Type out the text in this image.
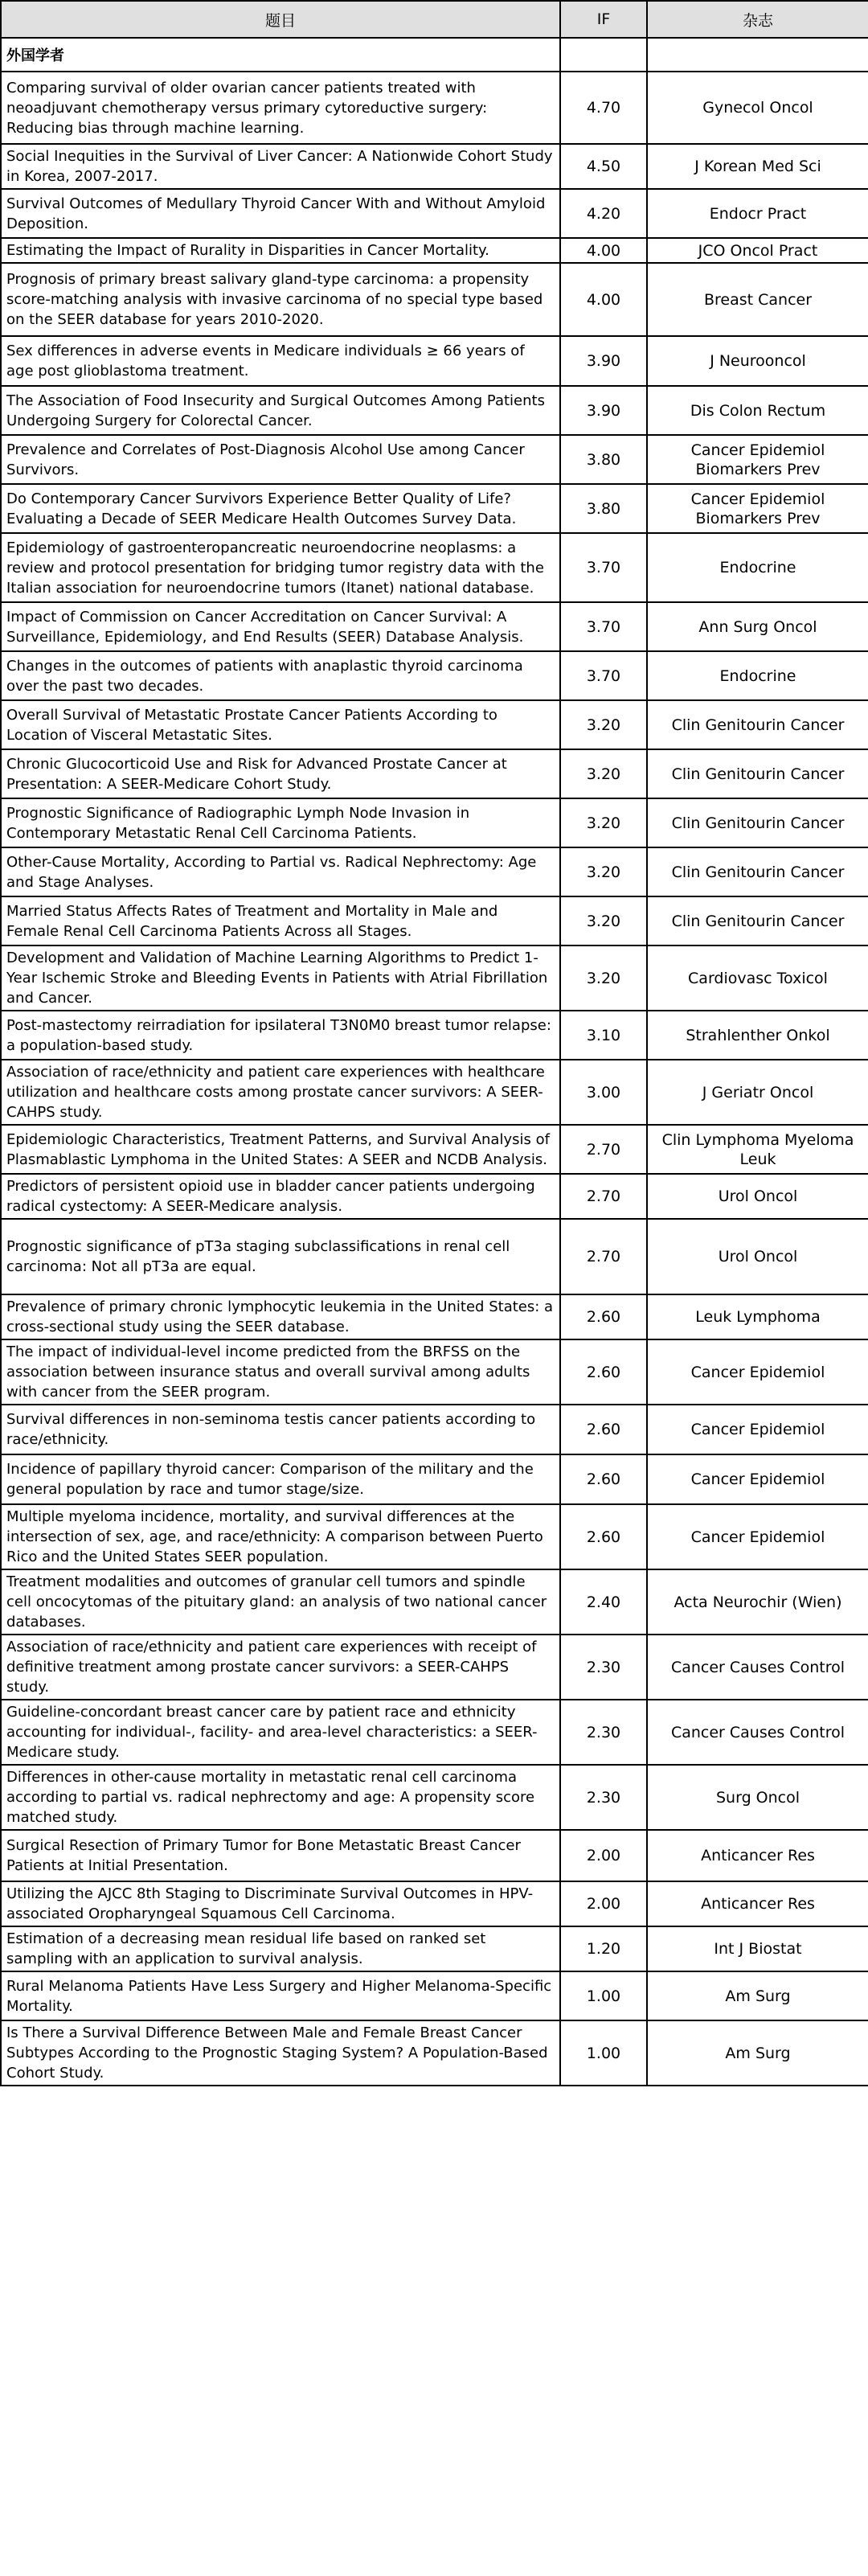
题目	IF	杂志
外国学者		
Comparing survival of older ovarian cancer patients treated with neoadjuvant chemotherapy versus primary cytoreductive surgery: Reducing bias through machine learning.	4.70	Gynecol Oncol
Social Inequities in the Survival of Liver Cancer: A Nationwide Cohort Study in Korea, 2007-2017.	4.50	J Korean Med Sci
Survival Outcomes of Medullary Thyroid Cancer With and Without Amyloid Deposition.	4.20	Endocr Pract
Estimating the Impact of Rurality in Disparities in Cancer Mortality.	4.00	JCO Oncol Pract
Prognosis of primary breast salivary gland-type carcinoma: a propensity score-matching analysis with invasive carcinoma of no special type based on the SEER database for years 2010-2020.	4.00	Breast Cancer
Sex differences in adverse events in Medicare individuals ≥ 66 years of age post glioblastoma treatment.	3.90	J Neurooncol
The Association of Food Insecurity and Surgical Outcomes Among Patients Undergoing Surgery for Colorectal Cancer.	3.90	Dis Colon Rectum
Prevalence and Correlates of Post-Diagnosis Alcohol Use among Cancer Survivors.	3.80	Cancer Epidemiol Biomarkers Prev
Do Contemporary Cancer Survivors Experience Better Quality of Life? Evaluating a Decade of SEER Medicare Health Outcomes Survey Data.	3.80	Cancer Epidemiol Biomarkers Prev
Epidemiology of gastroenteropancreatic neuroendocrine neoplasms: a review and protocol presentation for bridging tumor registry data with the Italian association for neuroendocrine tumors (Itanet) national database.	3.70	Endocrine
Impact of Commission on Cancer Accreditation on Cancer Survival: A Surveillance, Epidemiology, and End Results (SEER) Database Analysis.	3.70	Ann Surg Oncol
Changes in the outcomes of patients with anaplastic thyroid carcinoma over the past two decades.	3.70	Endocrine
Overall Survival of Metastatic Prostate Cancer Patients According to Location of Visceral Metastatic Sites.	3.20	Clin Genitourin Cancer
Chronic Glucocorticoid Use and Risk for Advanced Prostate Cancer at Presentation: A SEER-Medicare Cohort Study.	3.20	Clin Genitourin Cancer
Prognostic Significance of Radiographic Lymph Node Invasion in Contemporary Metastatic Renal Cell Carcinoma Patients.	3.20	Clin Genitourin Cancer
Other-Cause Mortality, According to Partial vs. Radical Nephrectomy: Age and Stage Analyses.	3.20	Clin Genitourin Cancer
Married Status Affects Rates of Treatment and Mortality in Male and Female Renal Cell Carcinoma Patients Across all Stages.	3.20	Clin Genitourin Cancer
Development and Validation of Machine Learning Algorithms to Predict 1-Year Ischemic Stroke and Bleeding Events in Patients with Atrial Fibrillation and Cancer.	3.20	Cardiovasc Toxicol
Post-mastectomy reirradiation for ipsilateral T3N0M0 breast tumor relapse: a population-based study.	3.10	Strahlenther Onkol
Association of race/ethnicity and patient care experiences with healthcare utilization and healthcare costs among prostate cancer survivors: A SEER-CAHPS study.	3.00	J Geriatr Oncol
Epidemiologic Characteristics, Treatment Patterns, and Survival Analysis of Plasmablastic Lymphoma in the United States: A SEER and NCDB Analysis.	2.70	Clin Lymphoma Myeloma Leuk
Predictors of persistent opioid use in bladder cancer patients undergoing radical cystectomy: A SEER-Medicare analysis.	2.70	Urol Oncol
Prognostic significance of pT3a staging subclassifications in renal cell carcinoma: Not all pT3a are equal.	2.70	Urol Oncol
Prevalence of primary chronic lymphocytic leukemia in the United States: a cross-sectional study using the SEER database.	2.60	Leuk Lymphoma
The impact of individual-level income predicted from the BRFSS on the association between insurance status and overall survival among adults with cancer from the SEER program.	2.60	Cancer Epidemiol
Survival differences in non-seminoma testis cancer patients according to race/ethnicity.	2.60	Cancer Epidemiol
Incidence of papillary thyroid cancer: Comparison of the military and the general population by race and tumor stage/size.	2.60	Cancer Epidemiol
Multiple myeloma incidence, mortality, and survival differences at the intersection of sex, age, and race/ethnicity: A comparison between Puerto Rico and the United States SEER population.	2.60	Cancer Epidemiol
Treatment modalities and outcomes of granular cell tumors and spindle cell oncocytomas of the pituitary gland: an analysis of two national cancer databases.	2.40	Acta Neurochir (Wien)
Association of race/ethnicity and patient care experiences with receipt of definitive treatment among prostate cancer survivors: a SEER-CAHPS study.	2.30	Cancer Causes Control
Guideline-concordant breast cancer care by patient race and ethnicity accounting for individual-, facility- and area-level characteristics: a SEER-Medicare study.	2.30	Cancer Causes Control
Differences in other-cause mortality in metastatic renal cell carcinoma according to partial vs. radical nephrectomy and age: A propensity score matched study.	2.30	Surg Oncol
Surgical Resection of Primary Tumor for Bone Metastatic Breast Cancer Patients at Initial Presentation.	2.00	Anticancer Res
Utilizing the AJCC 8th Staging to Discriminate Survival Outcomes in HPV-associated Oropharyngeal Squamous Cell Carcinoma.	2.00	Anticancer Res
Estimation of a decreasing mean residual life based on ranked set sampling with an application to survival analysis.	1.20	Int J Biostat
Rural Melanoma Patients Have Less Surgery and Higher Melanoma-Specific Mortality.	1.00	Am Surg
Is There a Survival Difference Between Male and Female Breast Cancer Subtypes According to the Prognostic Staging System? A Population-Based Cohort Study.	1.00	Am Surg
